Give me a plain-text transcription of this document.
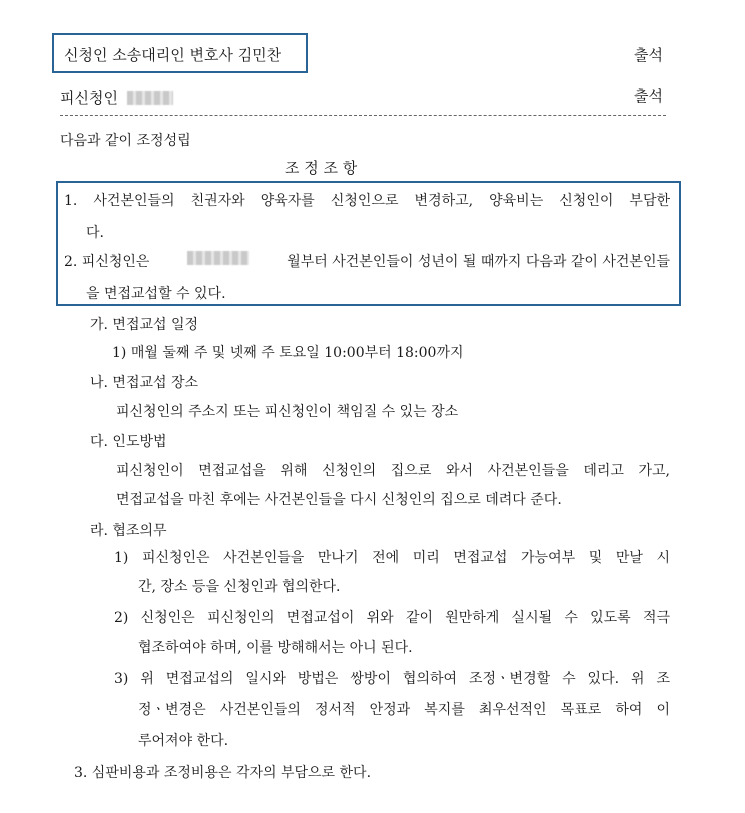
신청인 소송대리인 변호사 김민찬	출석
피신청인	출석
다음과 같이 조정성립
조 정 조 항
1. 사건본인들의 친권자와 양육자를 신청인으로 변경하고, 양육비는 신청인이 부담한
다.
2. 피신청인은	월부터 사건본인들이 성년이 될 때까지 다음과 같이 사건본인들
을 면접교섭할 수 있다.
가. 면접교섭 일정
1) 매월 둘째 주 및 넷째 주 토요일 10:00부터 18:00까지
나. 면접교섭 장소
피신청인의 주소지 또는 피신청인이 책임질 수 있는 장소
다. 인도방법
피신청인이 면접교섭을 위해 신청인의 집으로 와서 사건본인들을 데리고 가고,
면접교섭을 마친 후에는 사건본인들을 다시 신청인의 집으로 데려다 준다.
라. 협조의무
1) 피신청인은 사건본인들을 만나기 전에 미리 면접교섭 가능여부 및 만날 시
간, 장소 등을 신청인과 협의한다.
2) 신청인은 피신청인의 면접교섭이 위와 같이 원만하게 실시될 수 있도록 적극
협조하여야 하며, 이를 방해해서는 아니 된다.
3) 위 면접교섭의 일시와 방법은 쌍방이 협의하여 조정ㆍ변경할 수 있다. 위 조
정ㆍ변경은 사건본인들의 정서적 안정과 복지를 최우선적인 목표로 하여 이
루어져야 한다.
3. 심판비용과 조정비용은 각자의 부담으로 한다.
